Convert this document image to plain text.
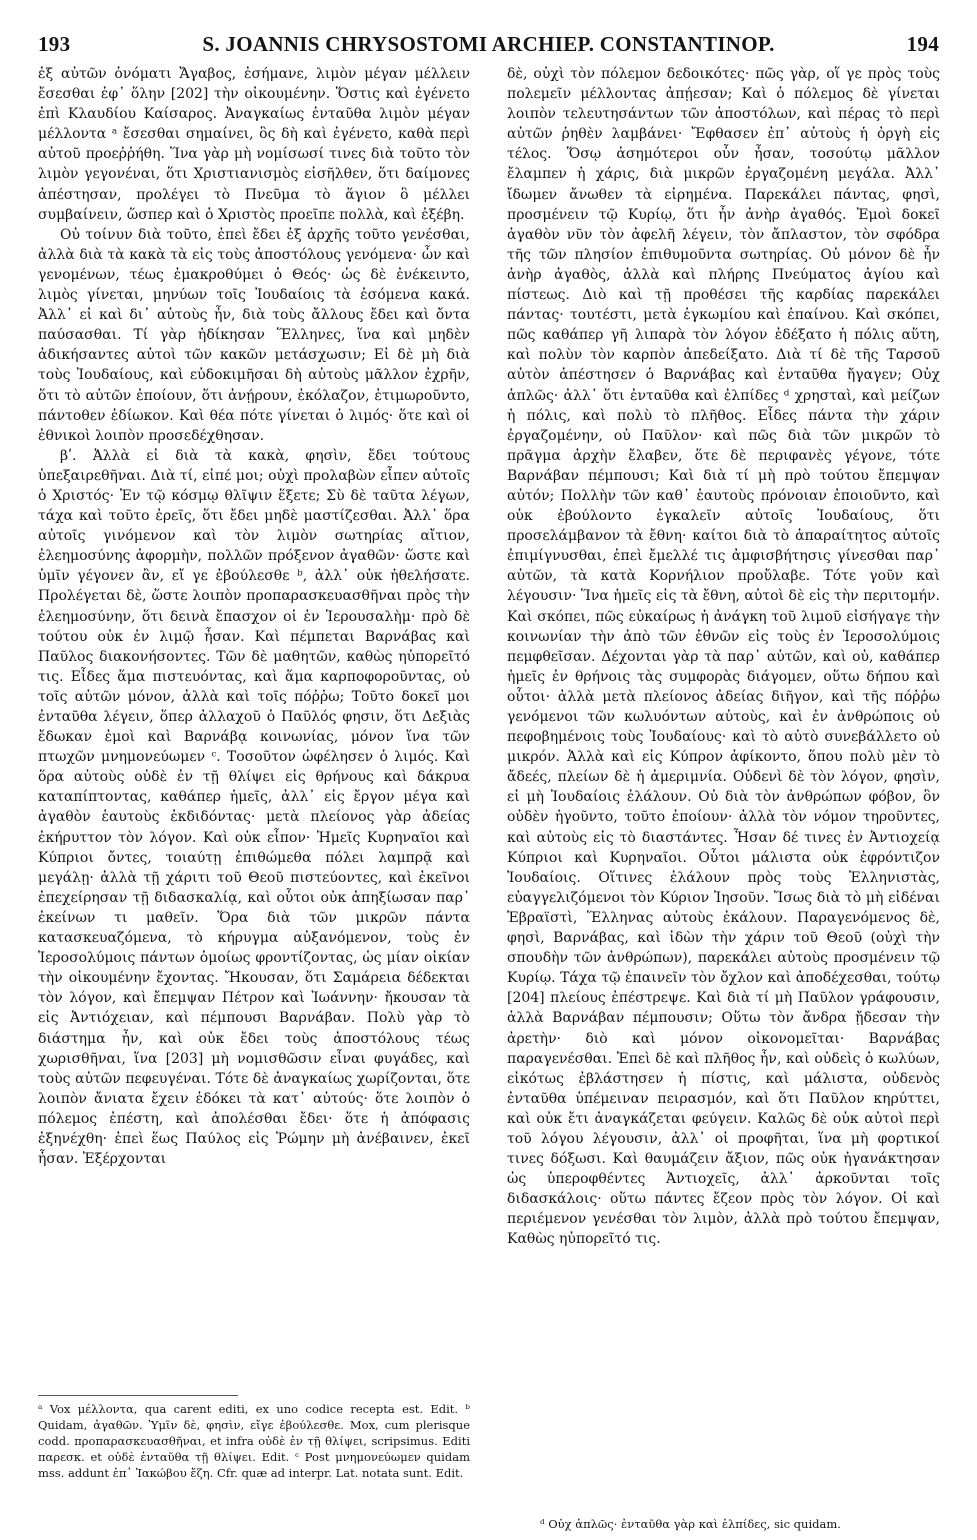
193	S. JOANNIS CHRYSOSTOMI ARCHIEP. CONSTANTINOP.	194

ἐξ αὐτῶν ὀνόματι Ἄγαβος, ἐσήμανε, λιμὸν μέγαν μέλλειν ἔσεσθαι ἐφ᾽ ὅλην [202] τὴν οἰκουμένην. Ὅστις καὶ ἐγένετο ἐπὶ Κλαυδίου Καίσαρος. Ἀναγκαίως ἐνταῦθα λιμὸν μέγαν μέλλοντα ᵃ ἔσεσθαι σημαίνει, ὃς δὴ καὶ ἐγένετο, καθὰ περὶ αὐτοῦ προεῤῥήθη. Ἵνα γὰρ μὴ νομίσωσί τινες διὰ τοῦτο τὸν λιμὸν γεγονέναι, ὅτι Χριστιανισμὸς εἰσῆλθεν, ὅτι δαίμονες ἀπέστησαν, προλέγει τὸ Πνεῦμα τὸ ἅγιον ὃ μέλλει συμβαίνειν, ὥσπερ καὶ ὁ Χριστὸς προεῖπε πολλὰ, καὶ ἐξέβη.

Οὐ τοίνυν διὰ τοῦτο, ἐπεὶ ἔδει ἐξ ἀρχῆς τοῦτο γενέσθαι, ἀλλὰ διὰ τὰ κακὰ τὰ εἰς τοὺς ἀποστόλους γενόμενα· ὧν καὶ γενομένων, τέως ἐμακροθύμει ὁ Θεός· ὡς δὲ ἐνέκειντο, λιμὸς γίνεται, μηνύων τοῖς Ἰουδαίοις τὰ ἐσόμενα κακά. Ἀλλ᾽ εἰ καὶ δι᾽ αὐτοὺς ἦν, διὰ τοὺς ἄλλους ἔδει καὶ ὄντα παύσασθαι. Τί γὰρ ἠδίκησαν Ἕλληνες, ἵνα καὶ μηδὲν ἀδικήσαντες αὐτοὶ τῶν κακῶν μετάσχωσιν; Εἰ δὲ μὴ διὰ τοὺς Ἰουδαίους, καὶ εὐδοκιμῆσαι δὴ αὐτοὺς μᾶλλον ἐχρῆν, ὅτι τὸ αὐτῶν ἐποίουν, ὅτι ἀνῄρουν, ἐκόλαζον, ἐτιμωροῦντο, πάντοθεν ἐδίωκον. Καὶ θέα πότε γίνεται ὁ λιμός· ὅτε καὶ οἱ ἐθνικοὶ λοιπὸν προσεδέχθησαν.

βʹ. Ἀλλὰ εἰ διὰ τὰ κακὰ, φησὶν, ἔδει τούτους ὑπεξαιρεθῆναι. Διὰ τί, εἰπέ μοι; οὐχὶ προλαβὼν εἶπεν αὐτοῖς ὁ Χριστός· Ἐν τῷ κόσμῳ θλῖψιν ἕξετε; Σὺ δὲ ταῦτα λέγων, τάχα καὶ τοῦτο ἐρεῖς, ὅτι ἔδει μηδὲ μαστίζεσθαι. Ἀλλ᾽ ὅρα αὐτοῖς γινόμενον καὶ τὸν λιμὸν σωτηρίας αἴτιον, ἐλεημοσύνης ἀφορμὴν, πολλῶν πρόξενον ἀγαθῶν· ὥστε καὶ ὑμῖν γέγονεν ἂν, εἴ γε ἐβούλεσθε ᵇ, ἀλλ᾽ οὐκ ἠθελήσατε. Προλέγεται δὲ, ὥστε λοιπὸν προπαρασκευασθῆναι πρὸς τὴν ἐλεημοσύνην, ὅτι δεινὰ ἔπασχον οἱ ἐν Ἱερουσαλὴμ· πρὸ δὲ τούτου οὐκ ἐν λιμῷ ἦσαν. Καὶ πέμπεται Βαρνάβας καὶ Παῦλος διακονήσοντες. Τῶν δὲ μαθητῶν, καθὼς ηὐπορεῖτό τις. Εἶδες ἅμα πιστευόντας, καὶ ἅμα καρποφοροῦντας, οὐ τοῖς αὐτῶν μόνον, ἀλλὰ καὶ τοῖς πόῤῥω; Τοῦτο δοκεῖ μοι ἐνταῦθα λέγειν, ὅπερ ἀλλαχοῦ ὁ Παῦλός φησιν, ὅτι Δεξιὰς ἔδωκαν ἐμοὶ καὶ Βαρνάβᾳ κοινωνίας, μόνον ἵνα τῶν πτωχῶν μνημονεύωμεν ᶜ. Τοσοῦτον ὠφέλησεν ὁ λιμός. Καὶ ὅρα αὐτοὺς οὐδὲ ἐν τῇ θλίψει εἰς θρήνους καὶ δάκρυα καταπίπτοντας, καθάπερ ἡμεῖς, ἀλλ᾽ εἰς ἔργον μέγα καὶ ἀγαθὸν ἑαυτοὺς ἐκδιδόντας· μετὰ πλείονος γὰρ ἀδείας ἐκήρυττον τὸν λόγον. Καὶ οὐκ εἶπον· Ἡμεῖς Κυρηναῖοι καὶ Κύπριοι ὄντες, τοιαύτῃ ἐπιθώμεθα πόλει λαμπρᾷ καὶ μεγάλῃ· ἀλλὰ τῇ χάριτι τοῦ Θεοῦ πιστεύοντες, καὶ ἐκεῖνοι ἐπεχείρησαν τῇ διδασκαλίᾳ, καὶ οὗτοι οὐκ ἀπηξίωσαν παρ᾽ ἐκείνων τι μαθεῖν. Ὅρα διὰ τῶν μικρῶν πάντα κατασκευαζόμενα, τὸ κήρυγμα αὐξανόμενον, τοὺς ἐν Ἱεροσολύμοις πάντων ὁμοίως φροντίζοντας, ὡς μίαν οἰκίαν τὴν οἰκουμένην ἔχοντας. Ἤκουσαν, ὅτι Σαμάρεια δέδεκται τὸν λόγον, καὶ ἔπεμψαν Πέτρον καὶ Ἰωάννην· ἤκουσαν τὰ εἰς Ἀντιόχειαν, καὶ πέμπουσι Βαρνάβαν. Πολὺ γὰρ τὸ διάστημα ἦν, καὶ οὐκ ἔδει τοὺς ἀποστόλους τέως χωρισθῆναι, ἵνα [203] μὴ νομισθῶσιν εἶναι φυγάδες, καὶ τοὺς αὐτῶν πεφευγέναι. Τότε δὲ ἀναγκαίως χωρίζονται, ὅτε λοιπὸν ἄνιατα ἔχειν ἐδόκει τὰ κατ᾽ αὐτούς· ὅτε λοιπὸν ὁ πόλεμος ἐπέστη, καὶ ἀπολέσθαι ἔδει· ὅτε ἡ ἀπόφασις ἐξηνέχθη· ἐπεὶ ἕως Παύλος εἰς Ῥώμην μὴ ἀνέβαινεν, ἐκεῖ ἦσαν. Ἐξέρχονται

δὲ, οὐχὶ τὸν πόλεμον δεδοικότες· πῶς γὰρ, οἵ γε πρὸς τοὺς πολεμεῖν μέλλοντας ἀπῄεσαν; Καὶ ὁ πόλεμος δὲ γίνεται λοιπὸν τελευτησάντων τῶν ἀποστόλων, καὶ πέρας τὸ περὶ αὐτῶν ῥηθὲν λαμβάνει· Ἔφθασεν ἐπ᾽ αὐτοὺς ἡ ὀργὴ εἰς τέλος. Ὅσῳ ἀσημότεροι οὖν ἦσαν, τοσούτῳ μᾶλλον ἔλαμπεν ἡ χάρις, διὰ μικρῶν ἐργαζομένη μεγάλα. Ἀλλ᾽ ἴδωμεν ἄνωθεν τὰ εἰρημένα. Παρεκάλει πάντας, φησὶ, προσμένειν τῷ Κυρίῳ, ὅτι ἦν ἀνὴρ ἀγαθός. Ἐμοὶ δοκεῖ ἀγαθὸν νῦν τὸν ἀφελῆ λέγειν, τὸν ἄπλαστον, τὸν σφόδρα τῆς τῶν πλησίον ἐπιθυμοῦντα σωτηρίας. Οὐ μόνον δὲ ἦν ἀνὴρ ἀγαθὸς, ἀλλὰ καὶ πλήρης Πνεύματος ἁγίου καὶ πίστεως. Διὸ καὶ τῇ προθέσει τῆς καρδίας παρεκάλει πάντας· τουτέστι, μετὰ ἐγκωμίου καὶ ἐπαίνου. Καὶ σκόπει, πῶς καθάπερ γῆ λιπαρὰ τὸν λόγον ἐδέξατο ἡ πόλις αὕτη, καὶ πολὺν τὸν καρπὸν ἀπεδείξατο. Διὰ τί δὲ τῆς Ταρσοῦ αὐτὸν ἀπέστησεν ὁ Βαρνάβας καὶ ἐνταῦθα ἤγαγεν; Οὐχ ἁπλῶς· ἀλλ᾽ ὅτι ἐνταῦθα καὶ ἐλπίδες ᵈ χρησταὶ, καὶ μείζων ἡ πόλις, καὶ πολὺ τὸ πλῆθος. Εἶδες πάντα τὴν χάριν ἐργαζομένην, οὐ Παῦλον· καὶ πῶς διὰ τῶν μικρῶν τὸ πρᾶγμα ἀρχὴν ἔλαβεν, ὅτε δὲ περιφανὲς γέγονε, τότε Βαρνάβαν πέμπουσι; Καὶ διὰ τί μὴ πρὸ τούτου ἔπεμψαν αὐτόν; Πολλὴν τῶν καθ᾽ ἑαυτοὺς πρόνοιαν ἐποιοῦντο, καὶ οὐκ ἐβούλοντο ἐγκαλεῖν αὐτοῖς Ἰουδαίους, ὅτι προσελάμβανον τὰ ἔθνη· καίτοι διὰ τὸ ἀπαραίτητος αὐτοῖς ἐπιμίγνυσθαι, ἐπεὶ ἔμελλέ τις ἀμφισβήτησις γίνεσθαι παρ᾽ αὐτῶν, τὰ κατὰ Κορνήλιον προὔλαβε. Τότε γοῦν καὶ λέγουσιν· Ἵνα ἡμεῖς εἰς τὰ ἔθνη, αὐτοὶ δὲ εἰς τὴν περιτομήν. Καὶ σκόπει, πῶς εὐκαίρως ἡ ἀνάγκη τοῦ λιμοῦ εἰσήγαγε τὴν κοινωνίαν τὴν ἀπὸ τῶν ἐθνῶν εἰς τοὺς ἐν Ἱεροσολύμοις πεμφθεῖσαν. Δέχονται γὰρ τὰ παρ᾽ αὐτῶν, καὶ οὐ, καθάπερ ἡμεῖς ἐν θρήνοις τὰς συμφορὰς διάγομεν, οὕτω δήπου καὶ οὗτοι· ἀλλὰ μετὰ πλείονος ἀδείας διῆγον, καὶ τῆς πόῤῥω γενόμενοι τῶν κωλυόντων αὐτοὺς, καὶ ἐν ἀνθρώποις οὐ πεφοβημένοις τοὺς Ἰουδαίους· καὶ τὸ αὐτὸ συνεβάλλετο οὐ μικρόν. Ἀλλὰ καὶ εἰς Κύπρον ἀφίκοντο, ὅπου πολὺ μὲν τὸ ἄδεές, πλείων δὲ ἡ ἀμεριμνία. Οὐδενὶ δὲ τὸν λόγον, φησὶν, εἰ μὴ Ἰουδαίοις ἐλάλουν. Οὐ διὰ τὸν ἀνθρώπων φόβον, ὃν οὐδὲν ἡγοῦντο, τοῦτο ἐποίουν· ἀλλὰ τὸν νόμον τηροῦντες, καὶ αὐτοὺς εἰς τὸ διαστάντες. Ἦσαν δέ τινες ἐν Ἀντιοχείᾳ Κύπριοι καὶ Κυρηναῖοι. Οὗτοι μάλιστα οὐκ ἐφρόντιζον Ἰουδαίοις. Οἵτινες ἐλάλουν πρὸς τοὺς Ἑλληνιστὰς, εὐαγγελιζόμενοι τὸν Κύριον Ἰησοῦν. Ἴσως διὰ τὸ μὴ εἰδέναι Ἑβραϊστὶ, Ἕλληνας αὐτοὺς ἐκάλουν. Παραγενόμενος δὲ, φησὶ, Βαρνάβας, καὶ ἰδὼν τὴν χάριν τοῦ Θεοῦ (οὐχὶ τὴν σπουδὴν τῶν ἀνθρώπων), παρεκάλει αὐτοὺς προσμένειν τῷ Κυρίῳ. Τάχα τῷ ἐπαινεῖν τὸν ὄχλον καὶ ἀποδέχεσθαι, τούτῳ [204] πλείους ἐπέστρεψε. Καὶ διὰ τί μὴ Παῦλον γράφουσιν, ἀλλὰ Βαρνάβαν πέμπουσιν; Οὕτω τὸν ἄνδρα ᾔδεσαν τὴν ἀρετὴν· διὸ καὶ μόνον οἰκονομεῖται· Βαρνάβας παραγενέσθαι. Ἐπεὶ δὲ καὶ πλῆθος ἦν, καὶ οὐδεὶς ὁ κωλύων, εἰκότως ἐβλάστησεν ἡ πίστις, καὶ μάλιστα, οὐδενὸς ἐνταῦθα ὑπέμειναν πειρασμόν, καὶ ὅτι Παῦλον κηρύττει, καὶ οὐκ ἔτι ἀναγκάζεται φεύγειν. Καλῶς δὲ οὐκ αὐτοὶ περὶ τοῦ λόγου λέγουσιν, ἀλλ᾽ οἱ προφῆται, ἵνα μὴ φορτικοί τινες δόξωσι. Καὶ θαυμάζειν ἄξιον, πῶς οὐκ ἠγανάκτησαν ὡς ὑπεροφθέντες Ἀντιοχεῖς, ἀλλ᾽ ἀρκοῦνται τοῖς διδασκάλοις· οὕτω πάντες ἔζεον πρὸς τὸν λόγον. Οἱ καὶ περιέμενον γενέσθαι τὸν λιμὸν, ἀλλὰ πρὸ τούτου ἔπεμψαν, Καθὼς ηὐπορεῖτό τις.

ᵃ Vox μέλλοντα, qua carent editi, ex uno codice recepta est. Edit. ᵇ Quidam, ἀγαθῶν. Ὑμῖν δὲ, φησὶν, εἴγε ἐβούλεσθε. Mox, cum plerisque codd. προπαρασκευασθῆναι, et infra οὐδὲ ἐν τῇ θλίψει, scripsimus. Editi παρεσκ. et οὐδὲ ἐνταῦθα τῇ θλίψει. Edit. ᶜ Post μνημονεύωμεν quidam mss. addunt ἐπ᾽ Ἰακώβου ἔζη. Cfr. quæ ad interpr. Lat. notata sunt. Edit.

ᵈ Οὐχ ἁπλῶς· ἐνταῦθα γὰρ καὶ ἐλπίδες, sic quidam.
